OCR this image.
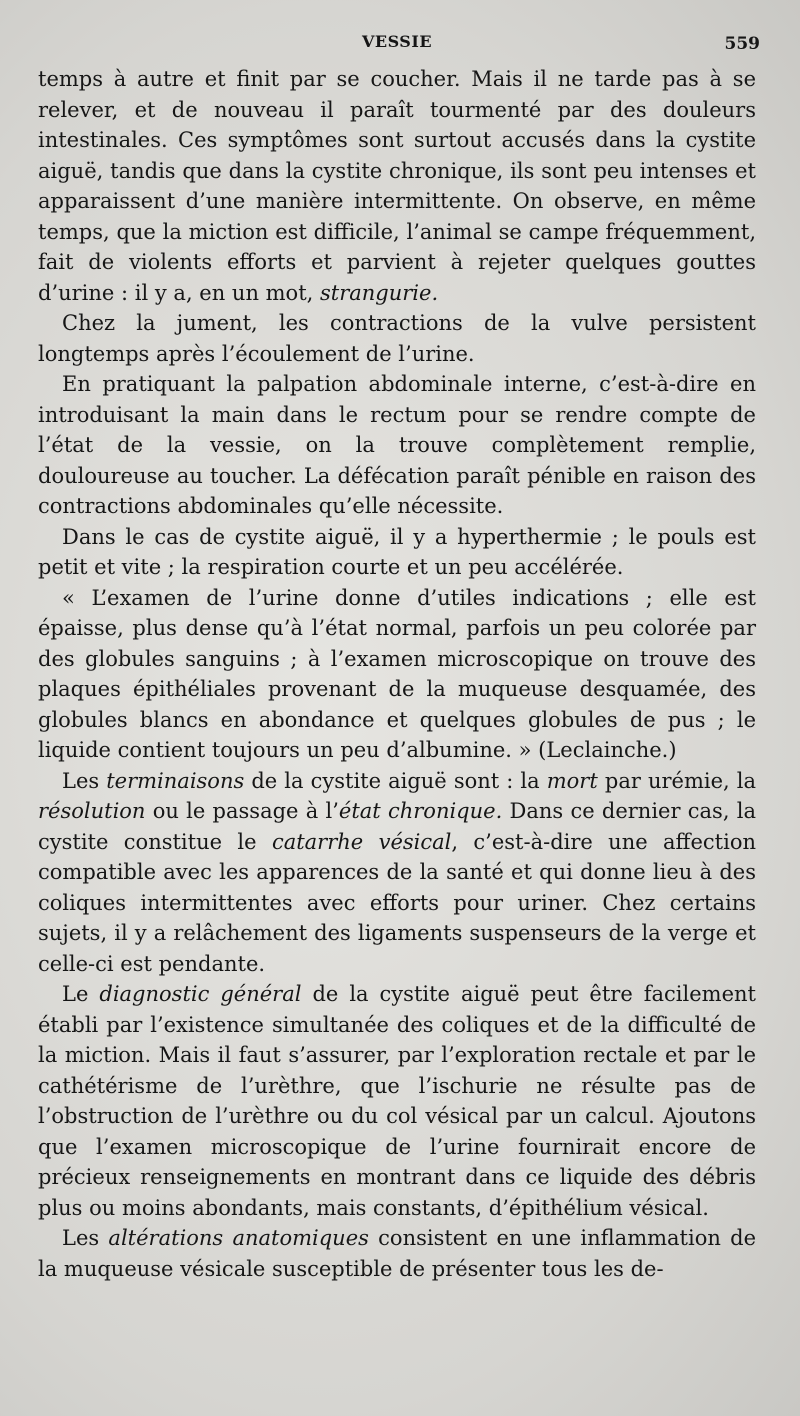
VESSIE	559

temps à autre et finit par se coucher. Mais il ne tarde pas à se relever, et de nouveau il paraît tourmenté par des douleurs intestinales. Ces symptômes sont surtout accusés dans la cystite aiguë, tandis que dans la cystite chronique, ils sont peu intenses et apparaissent d’une manière intermittente. On observe, en même temps, que la miction est difficile, l’animal se campe fréquemment, fait de violents efforts et parvient à rejeter quelques gouttes d’urine : il y a, en un mot, strangurie.

Chez la jument, les contractions de la vulve persistent longtemps après l’écoulement de l’urine.

En pratiquant la palpation abdominale interne, c’est-à-dire en introduisant la main dans le rectum pour se rendre compte de l’état de la vessie, on la trouve complètement remplie, douloureuse au toucher. La défécation paraît pénible en raison des contractions abdominales qu’elle nécessite.

Dans le cas de cystite aiguë, il y a hyperthermie ; le pouls est petit et vite ; la respiration courte et un peu accélérée.

« L’examen de l’urine donne d’utiles indications ; elle est épaisse, plus dense qu’à l’état normal, parfois un peu colorée par des globules sanguins ; à l’examen microscopique on trouve des plaques épithéliales provenant de la muqueuse desquamée, des globules blancs en abondance et quelques globules de pus ; le liquide contient toujours un peu d’albumine. » (Leclainche.)

Les terminaisons de la cystite aiguë sont : la mort par urémie, la résolution ou le passage à l’état chronique. Dans ce dernier cas, la cystite constitue le catarrhe vésical, c’est-à-dire une affection compatible avec les apparences de la santé et qui donne lieu à des coliques intermittentes avec efforts pour uriner. Chez certains sujets, il y a relâchement des ligaments suspenseurs de la verge et celle-ci est pendante.

Le diagnostic général de la cystite aiguë peut être facilement établi par l’existence simultanée des coliques et de la difficulté de la miction. Mais il faut s’assurer, par l’exploration rectale et par le cathétérisme de l’urèthre, que l’ischurie ne résulte pas de l’obstruction de l’urèthre ou du col vésical par un calcul. Ajoutons que l’examen microscopique de l’urine fournirait encore de précieux renseignements en montrant dans ce liquide des débris plus ou moins abondants, mais constants, d’épithélium vésical.

Les altérations anatomiques consistent en une inflammation de la muqueuse vésicale susceptible de présenter tous les de-
